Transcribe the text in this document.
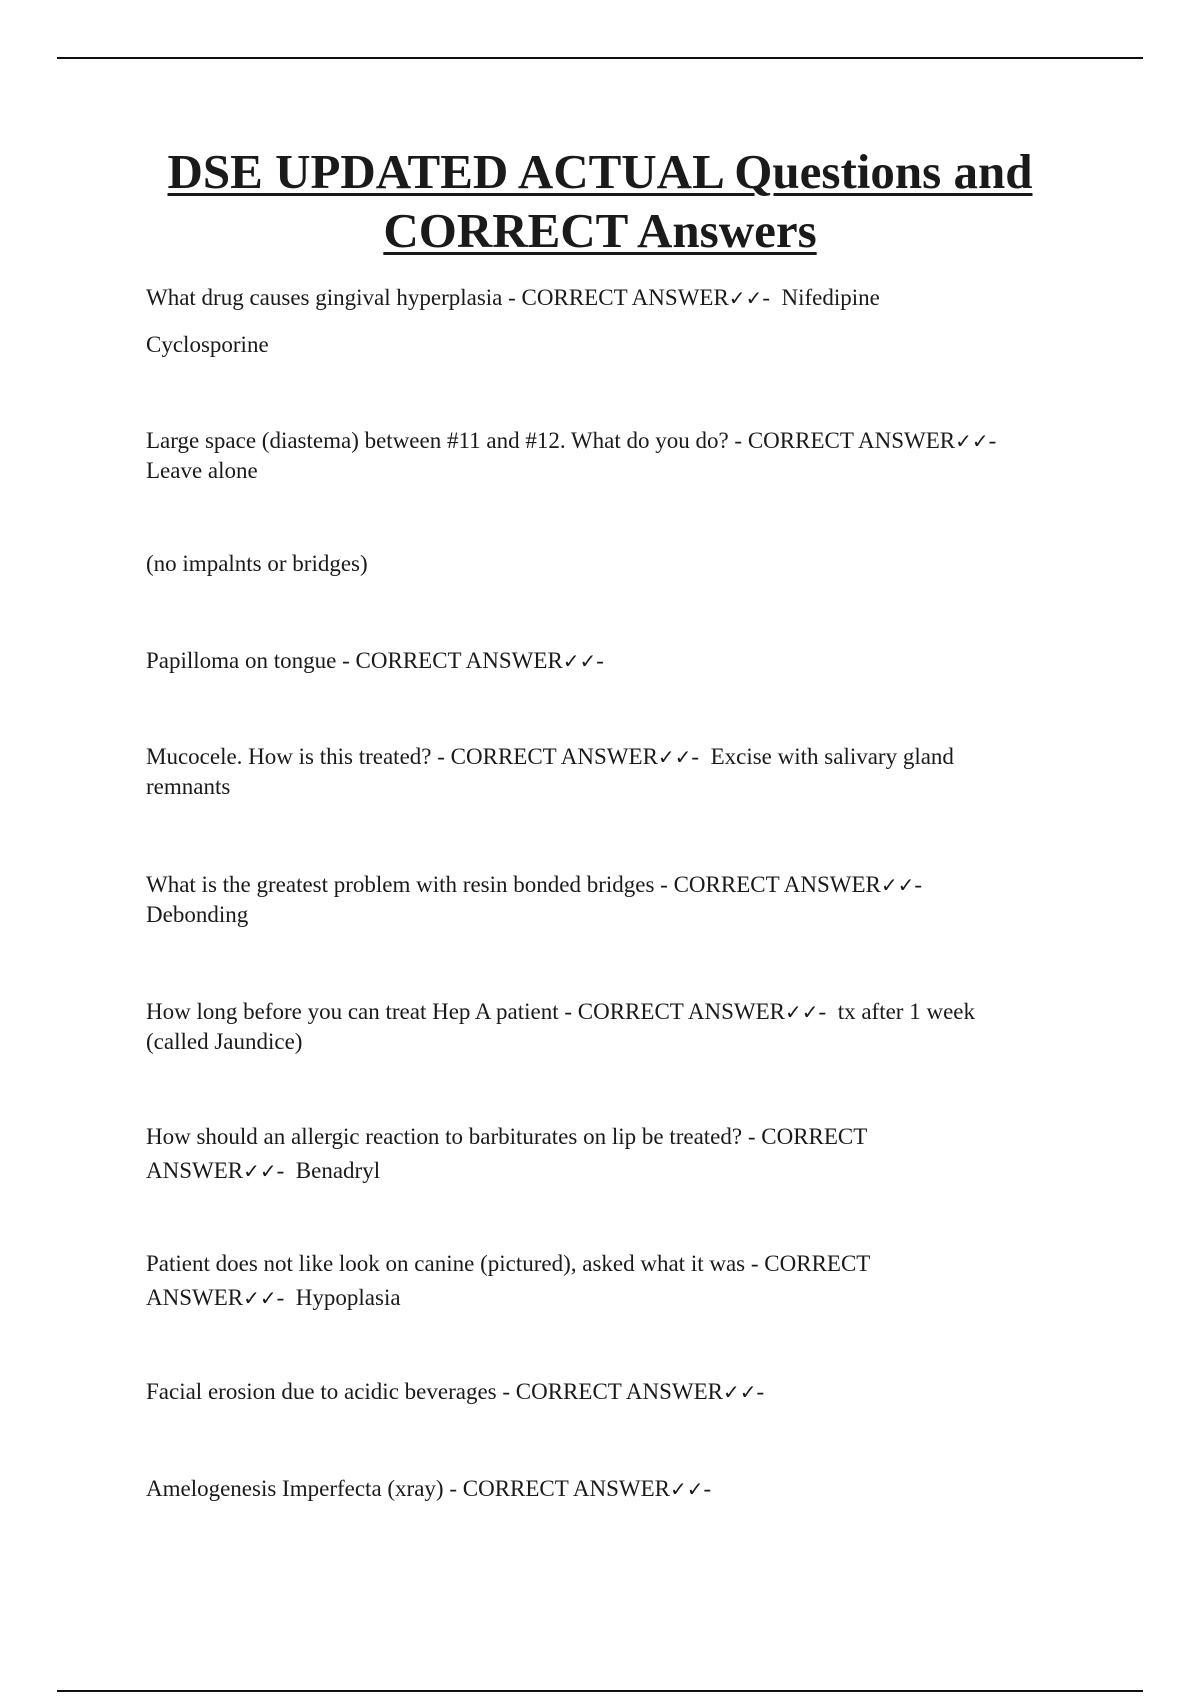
DSE UPDATED ACTUAL Questions and
CORRECT Answers

What drug causes gingival hyperplasia - CORRECT ANSWER✓✓-  Nifedipine

Cyclosporine

Large space (diastema) between #11 and #12. What do you do? - CORRECT ANSWER✓✓-
Leave alone

(no impalnts or bridges)

Papilloma on tongue - CORRECT ANSWER✓✓-

Mucocele. How is this treated? - CORRECT ANSWER✓✓-  Excise with salivary gland
remnants

What is the greatest problem with resin bonded bridges - CORRECT ANSWER✓✓-
Debonding

How long before you can treat Hep A patient - CORRECT ANSWER✓✓-  tx after 1 week
(called Jaundice)

How should an allergic reaction to barbiturates on lip be treated? - CORRECT
ANSWER✓✓-  Benadryl

Patient does not like look on canine (pictured), asked what it was - CORRECT
ANSWER✓✓-  Hypoplasia

Facial erosion due to acidic beverages - CORRECT ANSWER✓✓-

Amelogenesis Imperfecta (xray) - CORRECT ANSWER✓✓-
